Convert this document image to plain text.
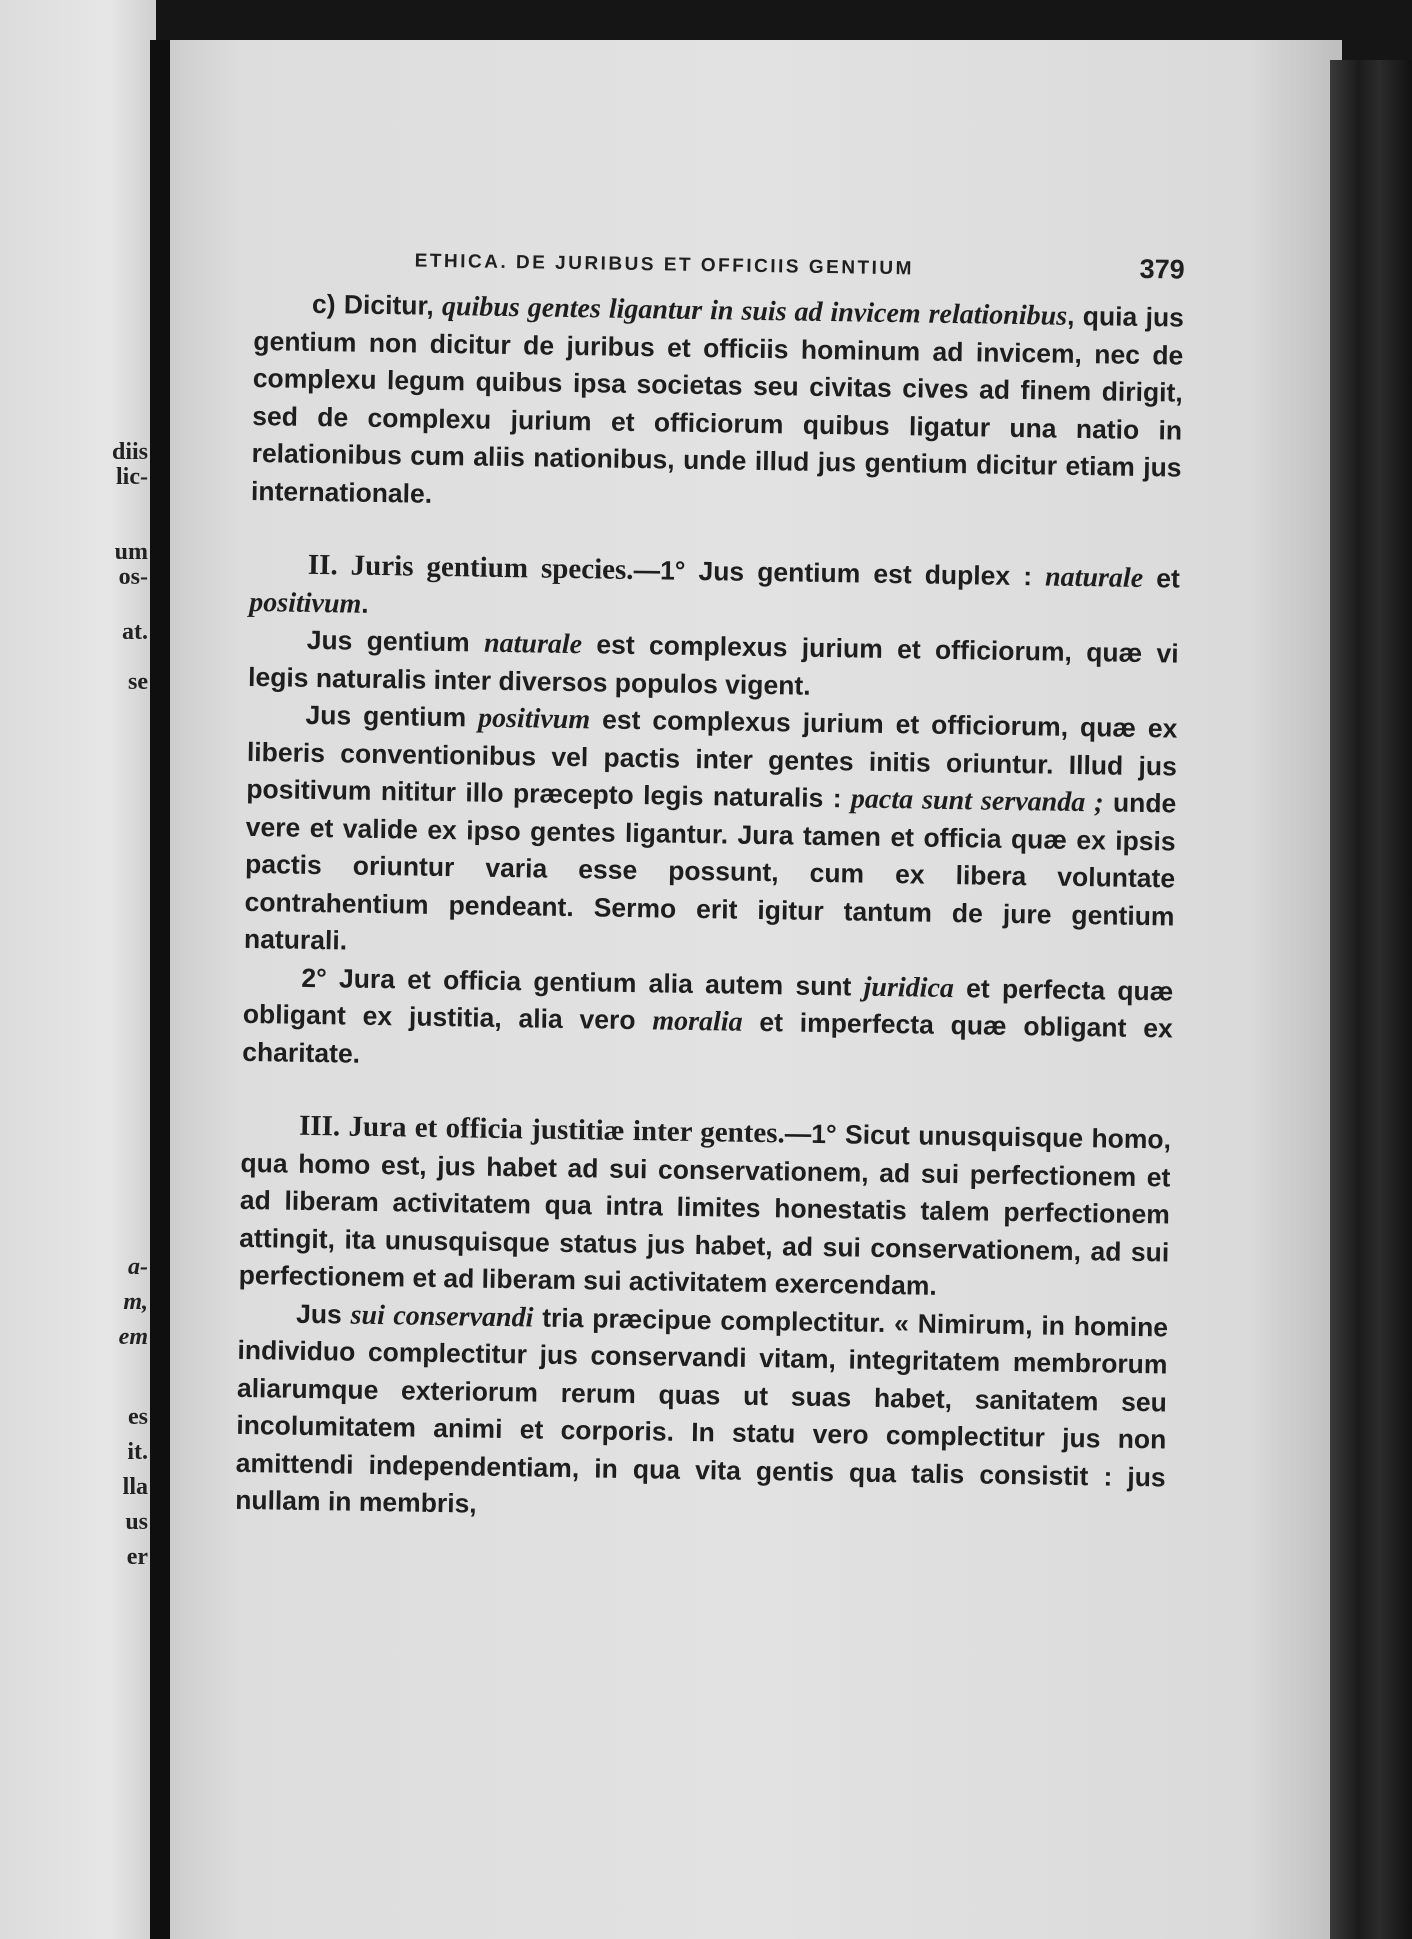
diis
lic-
um
os-
at.
se
a-
m,
em
es
it.
lla
us
er
ETHICA. DE JURIBUS ET OFFICIIS GENTIUM	379

c) Dicitur, quibus gentes ligantur in suis ad invicem relationibus, quia jus gentium non dicitur de juribus et officiis hominum ad invicem, nec de complexu legum quibus ipsa societas seu civitas cives ad finem dirigit, sed de complexu jurium et officiorum quibus ligatur una natio in relationibus cum aliis nationibus, unde illud jus gentium dicitur etiam jus internationale.

II. Juris gentium species.—1° Jus gentium est duplex : naturale et positivum.

Jus gentium naturale est complexus jurium et officiorum, quæ vi legis naturalis inter diversos populos vigent.

Jus gentium positivum est complexus jurium et officiorum, quæ ex liberis conventionibus vel pactis inter gentes initis oriuntur. Illud jus positivum nititur illo præcepto legis naturalis : pacta sunt servanda ; unde vere et valide ex ipso gentes ligantur. Jura tamen et officia quæ ex ipsis pactis oriuntur varia esse possunt, cum ex libera voluntate contrahentium pendeant. Sermo erit igitur tantum de jure gentium naturali.

2° Jura et officia gentium alia autem sunt juridica et perfecta quæ obligant ex justitia, alia vero moralia et imperfecta quæ obligant ex charitate.

III. Jura et officia justitiæ inter gentes.—1° Sicut unusquisque homo, qua homo est, jus habet ad sui conservationem, ad sui perfectionem et ad liberam activitatem qua intra limites honestatis talem perfectionem attingit, ita unusquisque status jus habet, ad sui conservationem, ad sui perfectionem et ad liberam sui activitatem exercendam.

Jus sui conservandi tria præcipue complectitur. « Nimirum, in homine individuo complectitur jus conservandi vitam, integritatem membrorum aliarumque exteriorum rerum quas ut suas habet, sanitatem seu incolumitatem animi et corporis. In statu vero complectitur jus non amittendi independentiam, in qua vita gentis qua talis consistit : jus nullam in membris,
